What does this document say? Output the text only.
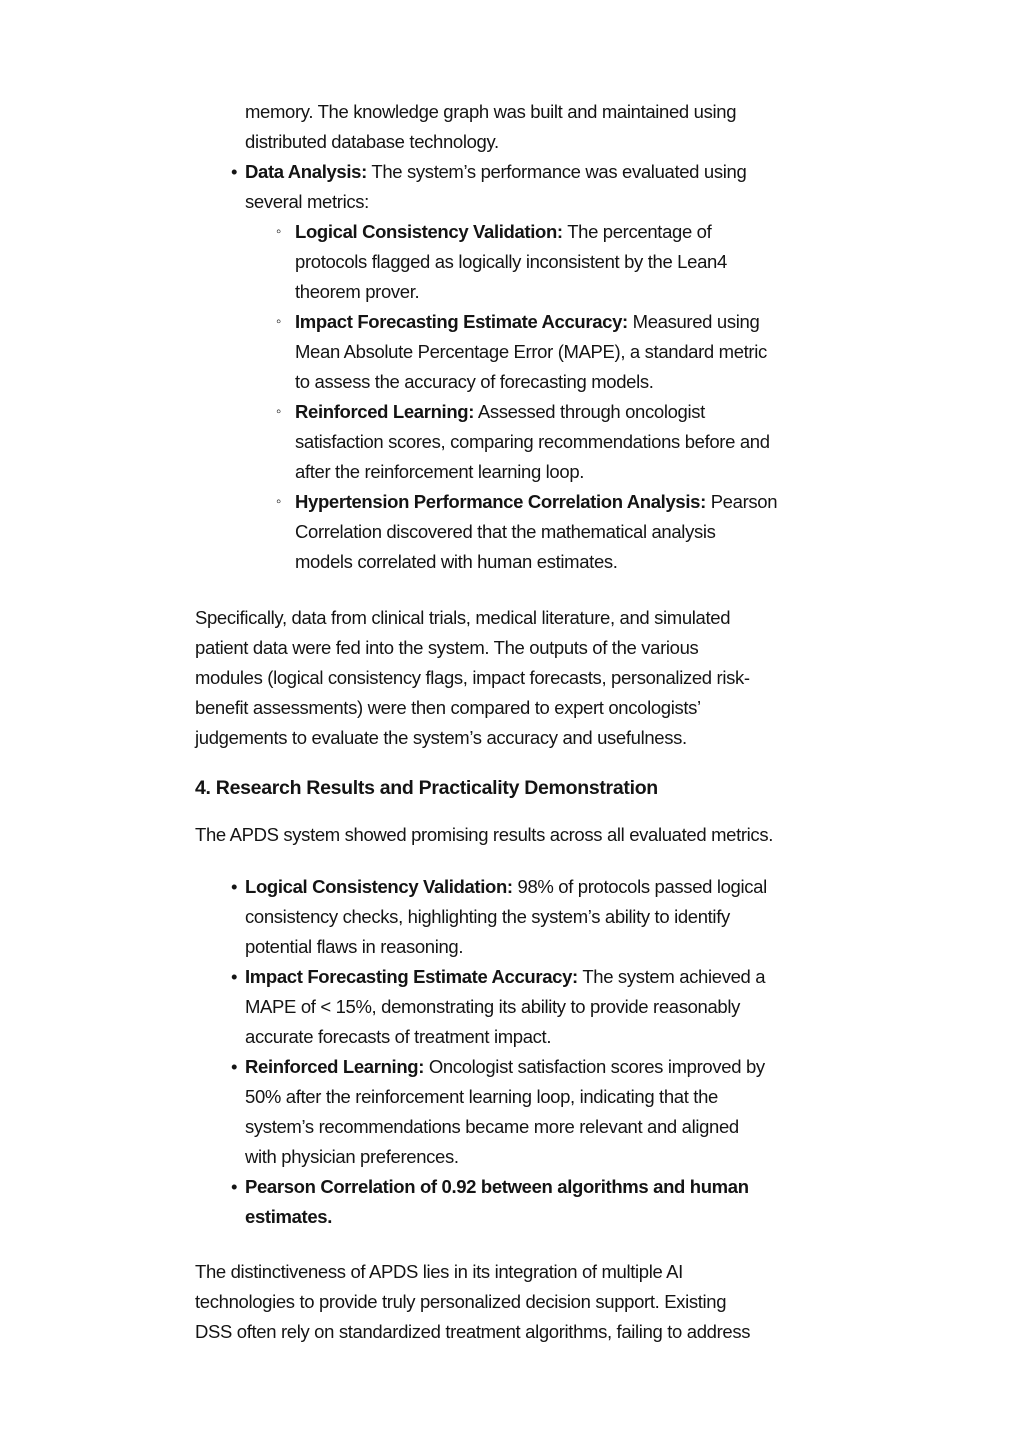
memory. The knowledge graph was built and maintained using
distributed database technology.
• Data Analysis: The system’s performance was evaluated using
several metrics:
◦ Logical Consistency Validation: The percentage of
protocols flagged as logically inconsistent by the Lean4
theorem prover.
◦ Impact Forecasting Estimate Accuracy: Measured using
Mean Absolute Percentage Error (MAPE), a standard metric
to assess the accuracy of forecasting models.
◦ Reinforced Learning: Assessed through oncologist
satisfaction scores, comparing recommendations before and
after the reinforcement learning loop.
◦ Hypertension Performance Correlation Analysis: Pearson
Correlation discovered that the mathematical analysis
models correlated with human estimates.
Specifically, data from clinical trials, medical literature, and simulated
patient data were fed into the system. The outputs of the various
modules (logical consistency flags, impact forecasts, personalized risk-
benefit assessments) were then compared to expert oncologists’
judgements to evaluate the system’s accuracy and usefulness.
4. Research Results and Practicality Demonstration
The APDS system showed promising results across all evaluated metrics.
• Logical Consistency Validation: 98% of protocols passed logical
consistency checks, highlighting the system’s ability to identify
potential flaws in reasoning.
• Impact Forecasting Estimate Accuracy: The system achieved a
MAPE of < 15%, demonstrating its ability to provide reasonably
accurate forecasts of treatment impact.
• Reinforced Learning: Oncologist satisfaction scores improved by
50% after the reinforcement learning loop, indicating that the
system’s recommendations became more relevant and aligned
with physician preferences.
• Pearson Correlation of 0.92 between algorithms and human
estimates.
The distinctiveness of APDS lies in its integration of multiple AI
technologies to provide truly personalized decision support. Existing
DSS often rely on standardized treatment algorithms, failing to address
